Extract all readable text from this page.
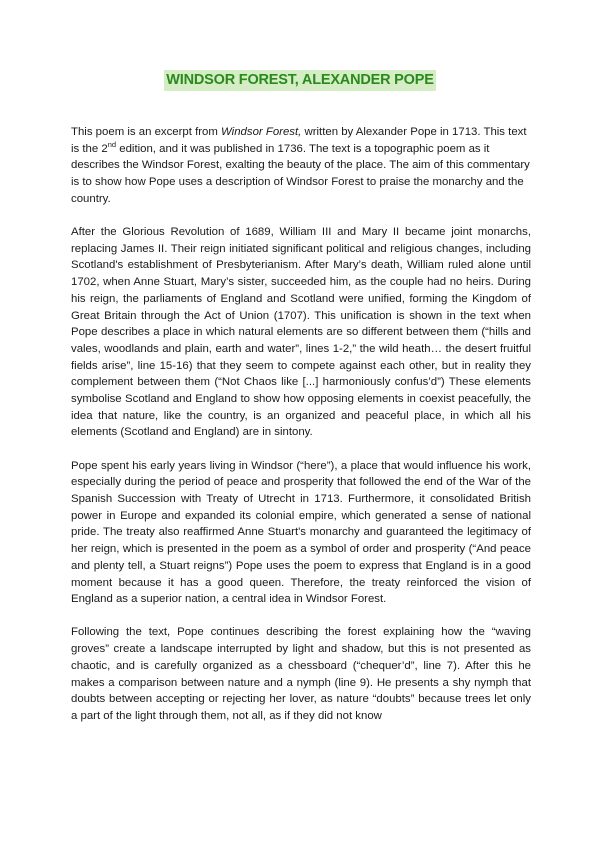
WINDSOR FOREST, ALEXANDER POPE

This poem is an excerpt from Windsor Forest, written by Alexander Pope in 1713. This text is the 2nd edition, and it was published in 1736. The text is a topographic poem as it describes the Windsor Forest, exalting the beauty of the place. The aim of this commentary is to show how Pope uses a description of Windsor Forest to praise the monarchy and the country.

After the Glorious Revolution of 1689, William III and Mary II became joint monarchs, replacing James II. Their reign initiated significant political and religious changes, including Scotland's establishment of Presbyterianism. After Mary’s death, William ruled alone until 1702, when Anne Stuart, Mary’s sister, succeeded him, as the couple had no heirs. During his reign, the parliaments of England and Scotland were unified, forming the Kingdom of Great Britain through the Act of Union (1707). This unification is shown in the text when Pope describes a place in which natural elements are so different between them (“hills and vales, woodlands and plain, earth and water”, lines 1-2,” the wild heath… the desert fruitful fields arise”, line 15-16) that they seem to compete against each other, but in reality they complement between them (“Not Chaos like [...] harmoniously confus’d”) These elements symbolise Scotland and England to show how opposing elements in coexist peacefully, the idea that nature, like the country, is an organized and peaceful place, in which all his elements (Scotland and England) are in sintony.

Pope spent his early years living in Windsor (“here”), a place that would influence his work, especially during the period of peace and prosperity that followed the end of the War of the Spanish Succession with Treaty of Utrecht in 1713. Furthermore, it consolidated British power in Europe and expanded its colonial empire, which generated a sense of national pride. The treaty also reaffirmed Anne Stuart's monarchy and guaranteed the legitimacy of her reign, which is presented in the poem as a symbol of order and prosperity (“And peace and plenty tell, a Stuart reigns”) Pope uses the poem to express that England is in a good moment because it has a good queen. Therefore, the treaty reinforced the vision of England as a superior nation, a central idea in Windsor Forest.

Following the text, Pope continues describing the forest explaining how the “waving groves” create a landscape interrupted by light and shadow, but this is not presented as chaotic, and is carefully organized as a chessboard (“chequer’d”, line 7). After this he makes a comparison between nature and a nymph (line 9). He presents a shy nymph that doubts between accepting or rejecting her lover, as nature “doubts” because trees let only a part of the light through them, not all, as if they did not know
